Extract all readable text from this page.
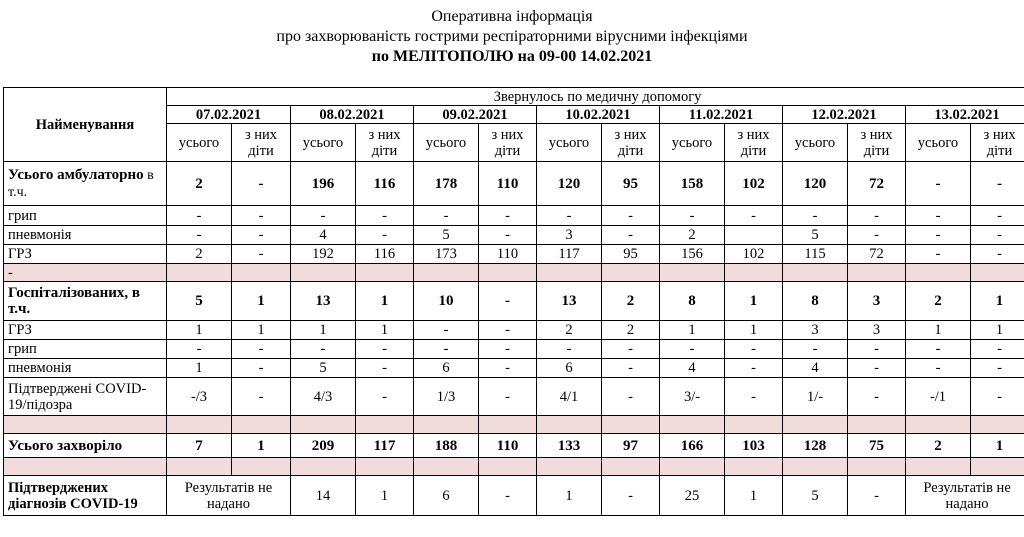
Оперативна інформація
про захворюваність гострими респіраторними вірусними інфекціями
по МЕЛІТОПОЛЮ на 09-00 14.02.2021
Найменування	Звернулось по медичну допомогу													
	07.02.2021		08.02.2021		09.02.2021		10.02.2021		11.02.2021		12.02.2021		13.02.2021	
	усього	з них діти	усього	з них діти	усього	з них діти	усього	з них діти	усього	з них діти	усього	з них діти	усього	з них діти
Усього амбулаторно в т.ч.	2	-	196	116	178	110	120	95	158	102	120	72	-	-
грип	-	-	-	-	-	-	-	-	-	-	-	-	-	-
пневмонія	-	-	4	-	5	-	3	-	2		5	-	-	-
ГРЗ	2	-	192	116	173	110	117	95	156	102	115	72	-	-
-														
Госпіталізованих, в т.ч.	5	1	13	1	10	-	13	2	8	1	8	3	2	1
ГРЗ	1	1	1	1	-	-	2	2	1	1	3	3	1	1
грип	-	-	-	-	-	-	-	-	-	-	-	-	-	-
пневмонія	1	-	5	-	6	-	6	-	4	-	4	-	-	-
Підтверджені COVID-19/підозра	-/3	-	4/3	-	1/3	-	4/1	-	3/-	-	1/-	-	-/1	-

Усього захворіло	7	1	209	117	188	110	133	97	166	103	128	75	2	1

Підтверджених діагнозів COVID-19	Результатів не надано		14	1	6	-	1	-	25	1	5	-	Результатів не надано	
